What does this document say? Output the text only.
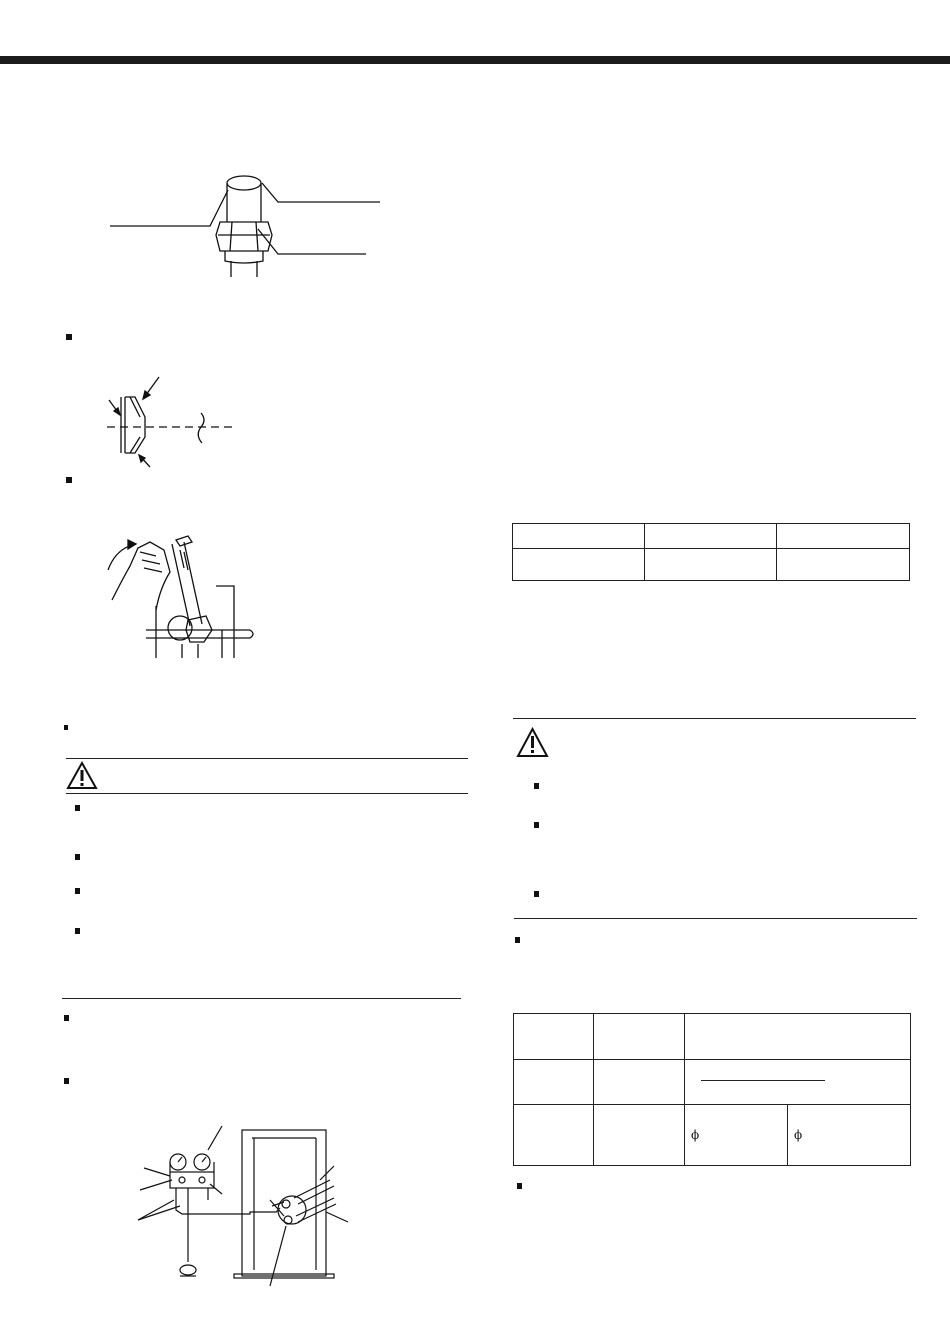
		ϕ	ϕ
